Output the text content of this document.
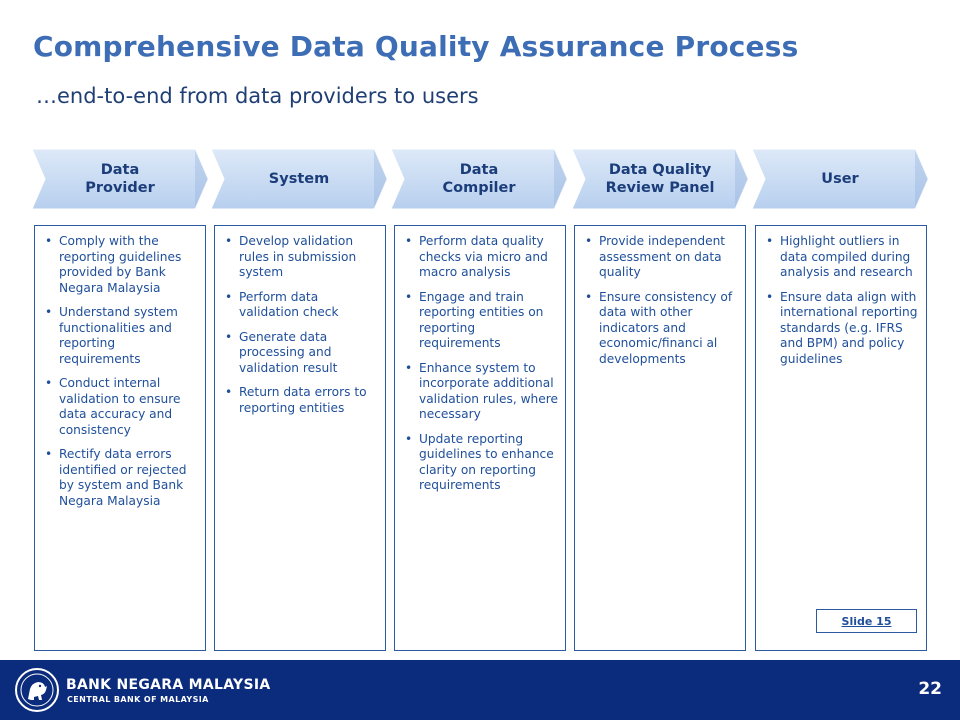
Comprehensive Data Quality Assurance Process

…end-to-end from data providers to users

Data
Provider
System
Data
Compiler
Data Quality
Review Panel
User
• Comply with the reporting guidelines provided by Bank Negara Malaysia
• Understand system functionalities and reporting requirements
• Conduct internal validation to ensure data accuracy and consistency
• Rectify data errors identified or rejected by system and Bank Negara Malaysia
• Develop validation rules in submission system
• Perform data validation check
• Generate data processing and validation result
• Return data errors to reporting entities
• Perform data quality checks via micro and macro analysis
• Engage and train reporting entities on reporting requirements
• Enhance system to incorporate additional validation rules, where necessary
• Update reporting guidelines to enhance clarity on reporting requirements
• Provide independent assessment on data quality
• Ensure consistency of data with other indicators and economic/financi al developments
• Highlight outliers in data compiled during analysis and research
• Ensure data align with international reporting standards (e.g. IFRS and BPM) and policy guidelines
Slide 15
BANK NEGARA MALAYSIA
CENTRAL BANK OF MALAYSIA
22
